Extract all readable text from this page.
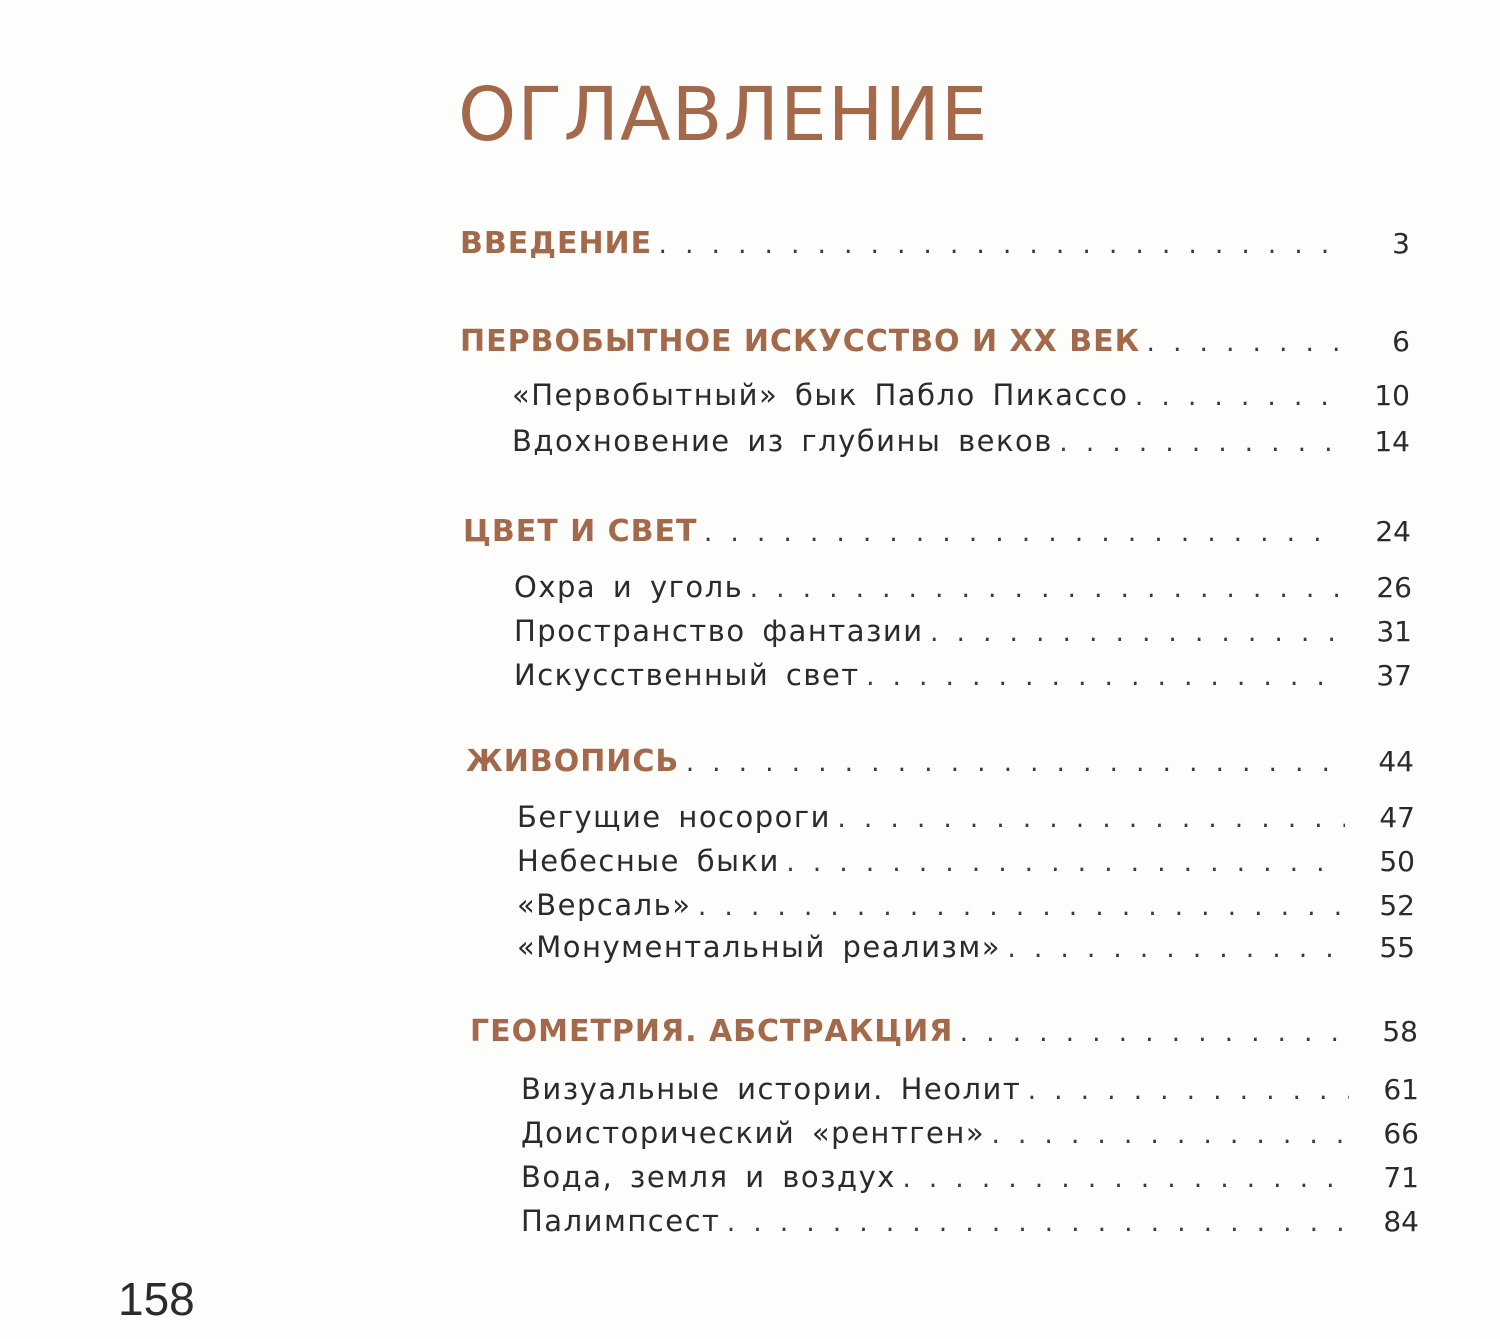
ОГЛАВЛЕНИЕ
ВВЕДЕНИЕ . . .	3
ПЕРВОБЫТНОЕ ИСКУССТВО И XX ВЕК . . .	6
«Первобытный» бык Пабло Пикассо . . .	10
Вдохновение из глубины веков . . .	14
ЦВЕТ И СВЕТ . . .	24
Охра и уголь . . .	26
Пространство фантазии . . .	31
Искусственный свет . . .	37
ЖИВОПИСЬ . . .	44
Бегущие носороги . . .	47
Небесные быки . . .	50
«Версаль» . . .	52
«Монументальный реализм» . . .	55
ГЕОМЕТРИЯ. АБСТРАКЦИЯ . . .	58
Визуальные истории. Неолит . . .	61
Доисторический «рентген» . . .	66
Вода, земля и воздух . . .	71
Палимпсест . . .	84
158
